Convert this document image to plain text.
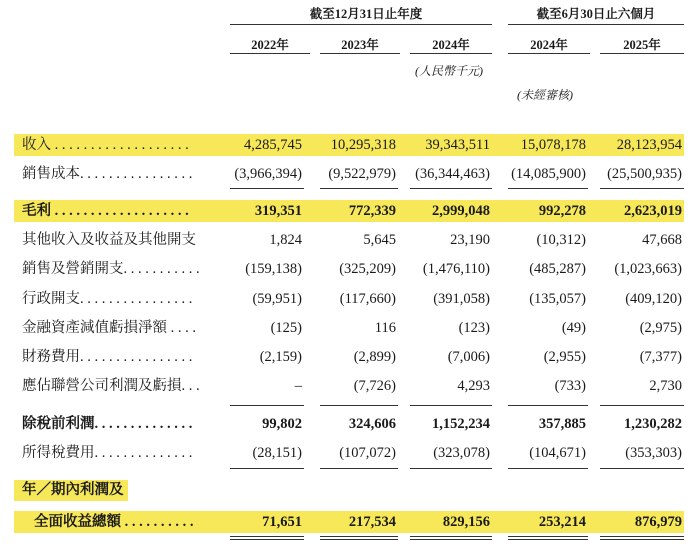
截至12月31日止年度	截至6月30日止六個月
2022年	2023年	2024年	2024年	2025年
(人民幣千元)
(未經審核)
收入 . . . . . . . . . . . . . . . . . . .	4,285,745	10,295,318	39,343,511	15,078,178	28,123,954
銷售成本. . . . . . . . . . . . . . . .	(3,966,394)	(9,522,979)	(36,344,463) (14,085,900)	(25,500,935)
毛利 . . . . . . . . . . . . . . . . . . .	319,351	772,339	2,999,048	992,278	2,623,019
其他收入及收益及其他開支	1,824	5,645	23,190	(10,312)	47,668
銷售及營銷開支. . . . . . . . . . .	(159,138)	(325,209)	(1,476,110)	(485,287)	(1,023,663)
行政開支. . . . . . . . . . . . . . . .	(59,951)	(117,660)	(391,058)	(135,057)	(409,120)
金融資產減值虧損淨額 . . . .	(125)	116	(123)	(49)	(2,975)
財務費用. . . . . . . . . . . . . . . .	(2,159)	(2,899)	(7,006)	(2,955)	(7,377)
應佔聯營公司利潤及虧損. . .	–	(7,726)	4,293	(733)	2,730
除稅前利潤. . . . . . . . . . . . . .	99,802	324,606	1,152,234	357,885	1,230,282
所得稅費用. . . . . . . . . . . . . .	(28,151)	(107,072)	(323,078)	(104,671)	(353,303)
年／期內利潤及
全面收益總額 . . . . . . . . . .	71,651	217,534	829,156	253,214	876,979
